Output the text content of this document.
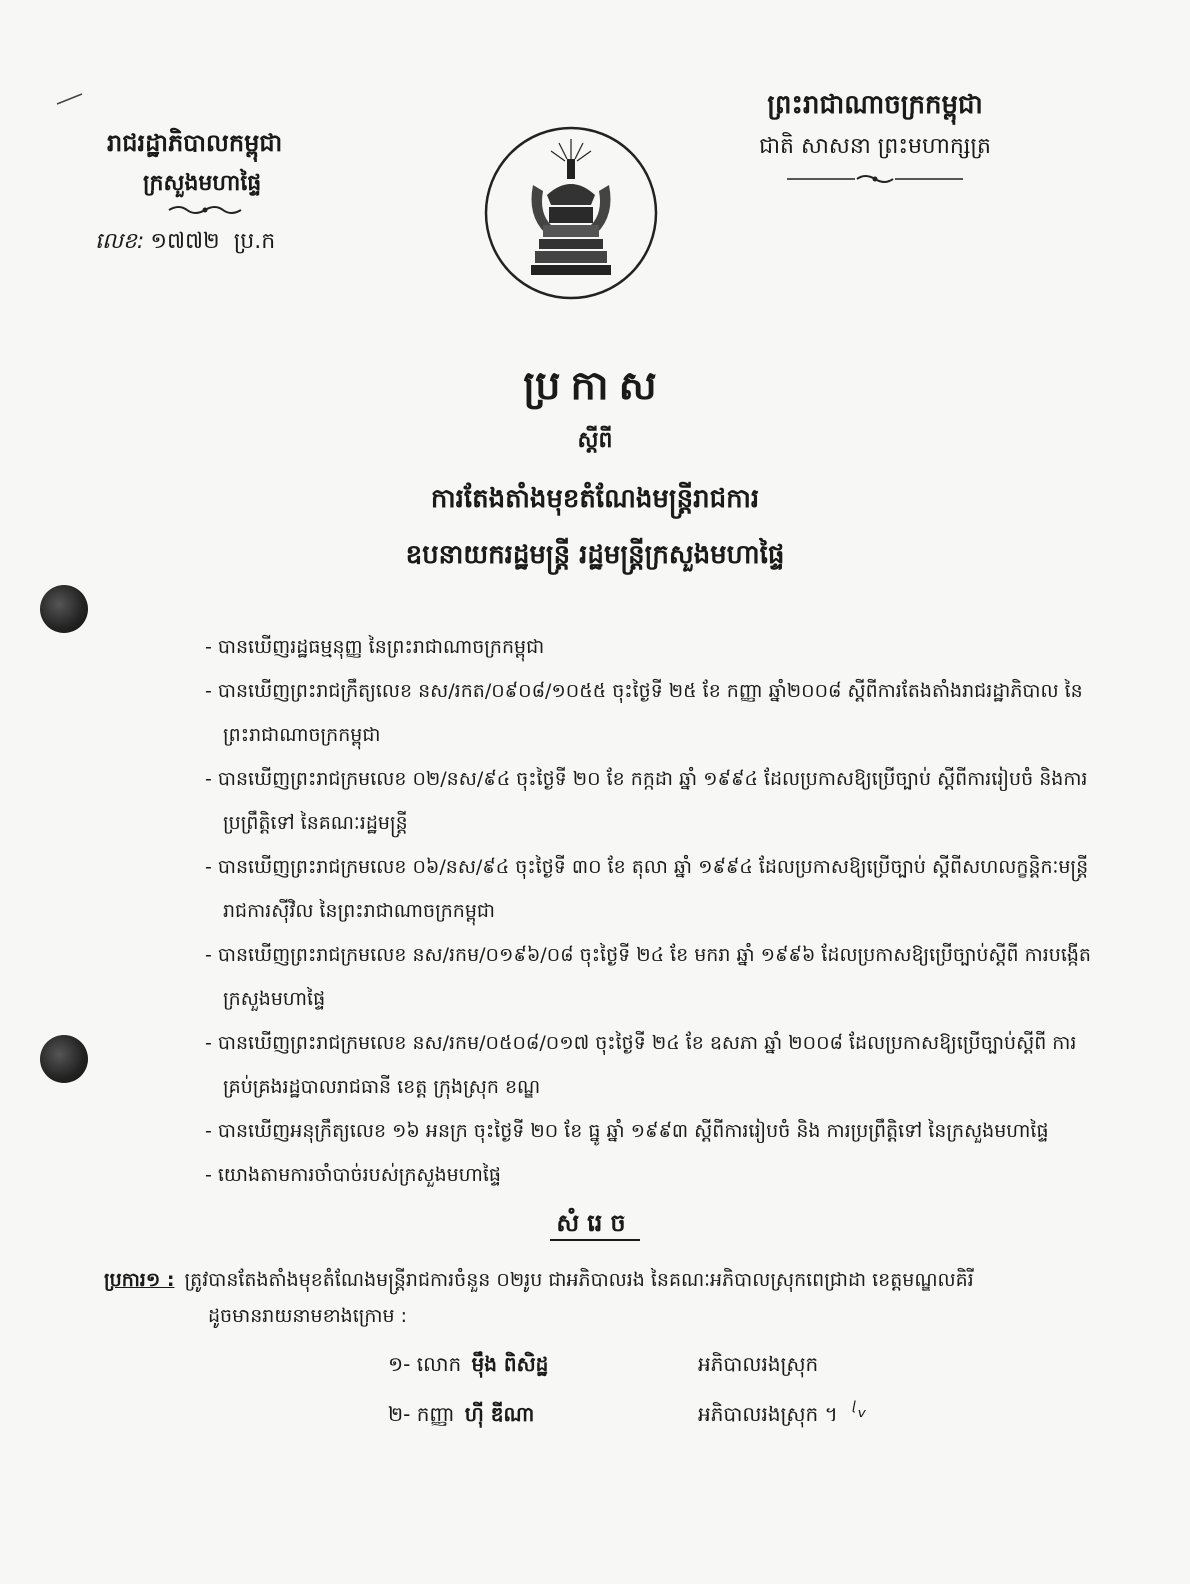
រាជរដ្ឋាភិបាលកម្ពុជា
ក្រសួងមហាផ្ទៃ
លេខ: ១៧៧២ ប្រ.ក
ព្រះរាជាណាចក្រកម្ពុជា
ជាតិ សាសនា ព្រះមហាក្សត្រ
ប្រកាស
ស្តីពី
ការតែងតាំងមុខតំណែងមន្ត្រីរាជការ
ឧបនាយករដ្ឋមន្ត្រី រដ្ឋមន្ត្រីក្រសួងមហាផ្ទៃ
- បានឃើញរដ្ឋធម្មនុញ្ញ នៃព្រះរាជាណាចក្រកម្ពុជា
- បានឃើញព្រះរាជក្រឹត្យលេខ នស/រកត/០៩០៨/១០៥៥ ចុះថ្ងៃទី ២៥ ខែ កញ្ញា ឆ្នាំ២០០៨ ស្តីពីការតែងតាំងរាជរដ្ឋាភិបាល នៃព្រះរាជាណាចក្រកម្ពុជា
- បានឃើញព្រះរាជក្រមលេខ ០២/នស/៩៤ ចុះថ្ងៃទី ២០ ខែ កក្កដា ឆ្នាំ ១៩៩៤ ដែលប្រកាសឱ្យប្រើច្បាប់ ស្តីពីការរៀបចំ និងការប្រព្រឹត្តិទៅ នៃគណៈរដ្ឋមន្ត្រី
- បានឃើញព្រះរាជក្រមលេខ ០៦/នស/៩៤ ចុះថ្ងៃទី ៣០ ខែ តុលា ឆ្នាំ ១៩៩៤ ដែលប្រកាសឱ្យប្រើច្បាប់ ស្តីពីសហលក្ខន្តិកៈមន្ត្រី រាជការស៊ីវិល នៃព្រះរាជាណាចក្រកម្ពុជា
- បានឃើញព្រះរាជក្រមលេខ នស/រកម/០១៩៦/០៨ ចុះថ្ងៃទី ២៤ ខែ មករា ឆ្នាំ ១៩៩៦ ដែលប្រកាសឱ្យប្រើច្បាប់ស្តីពី ការបង្កើតក្រសួងមហាផ្ទៃ
- បានឃើញព្រះរាជក្រមលេខ នស/រកម/០៥០៨/០១៧ ចុះថ្ងៃទី ២៤ ខែ ឧសភា ឆ្នាំ ២០០៨ ដែលប្រកាសឱ្យប្រើច្បាប់ស្តីពី ការគ្រប់គ្រងរដ្ឋបាលរាជធានី ខេត្ត ក្រុងស្រុក ខណ្ឌ
- បានឃើញអនុក្រឹត្យលេខ ១៦ អនក្រ ចុះថ្ងៃទី ២០ ខែ ធ្នូ ឆ្នាំ ១៩៩៣ ស្តីពីការរៀបចំ និង ការប្រព្រឹត្តិទៅ នៃក្រសួងមហាផ្ទៃ
- យោងតាមការចាំបាច់របស់ក្រសួងមហាផ្ទៃ
សំរេច
ប្រការ១ : ត្រូវបានតែងតាំងមុខតំណែងមន្ត្រីរាជការចំនួន ០២រូប ជាអភិបាលរង នៃគណៈអភិបាលស្រុកពេជ្រាដា ខេត្តមណ្ឌលគិរី
ដូចមានរាយនាមខាងក្រោម :
១- លោក ម៉ឹង ពិសិដ្ឋ	អភិបាលរងស្រុក
២- កញ្ញា ហ៊ី ឌីណា	អភិបាលរងស្រុក ។ ᶩᵥ
